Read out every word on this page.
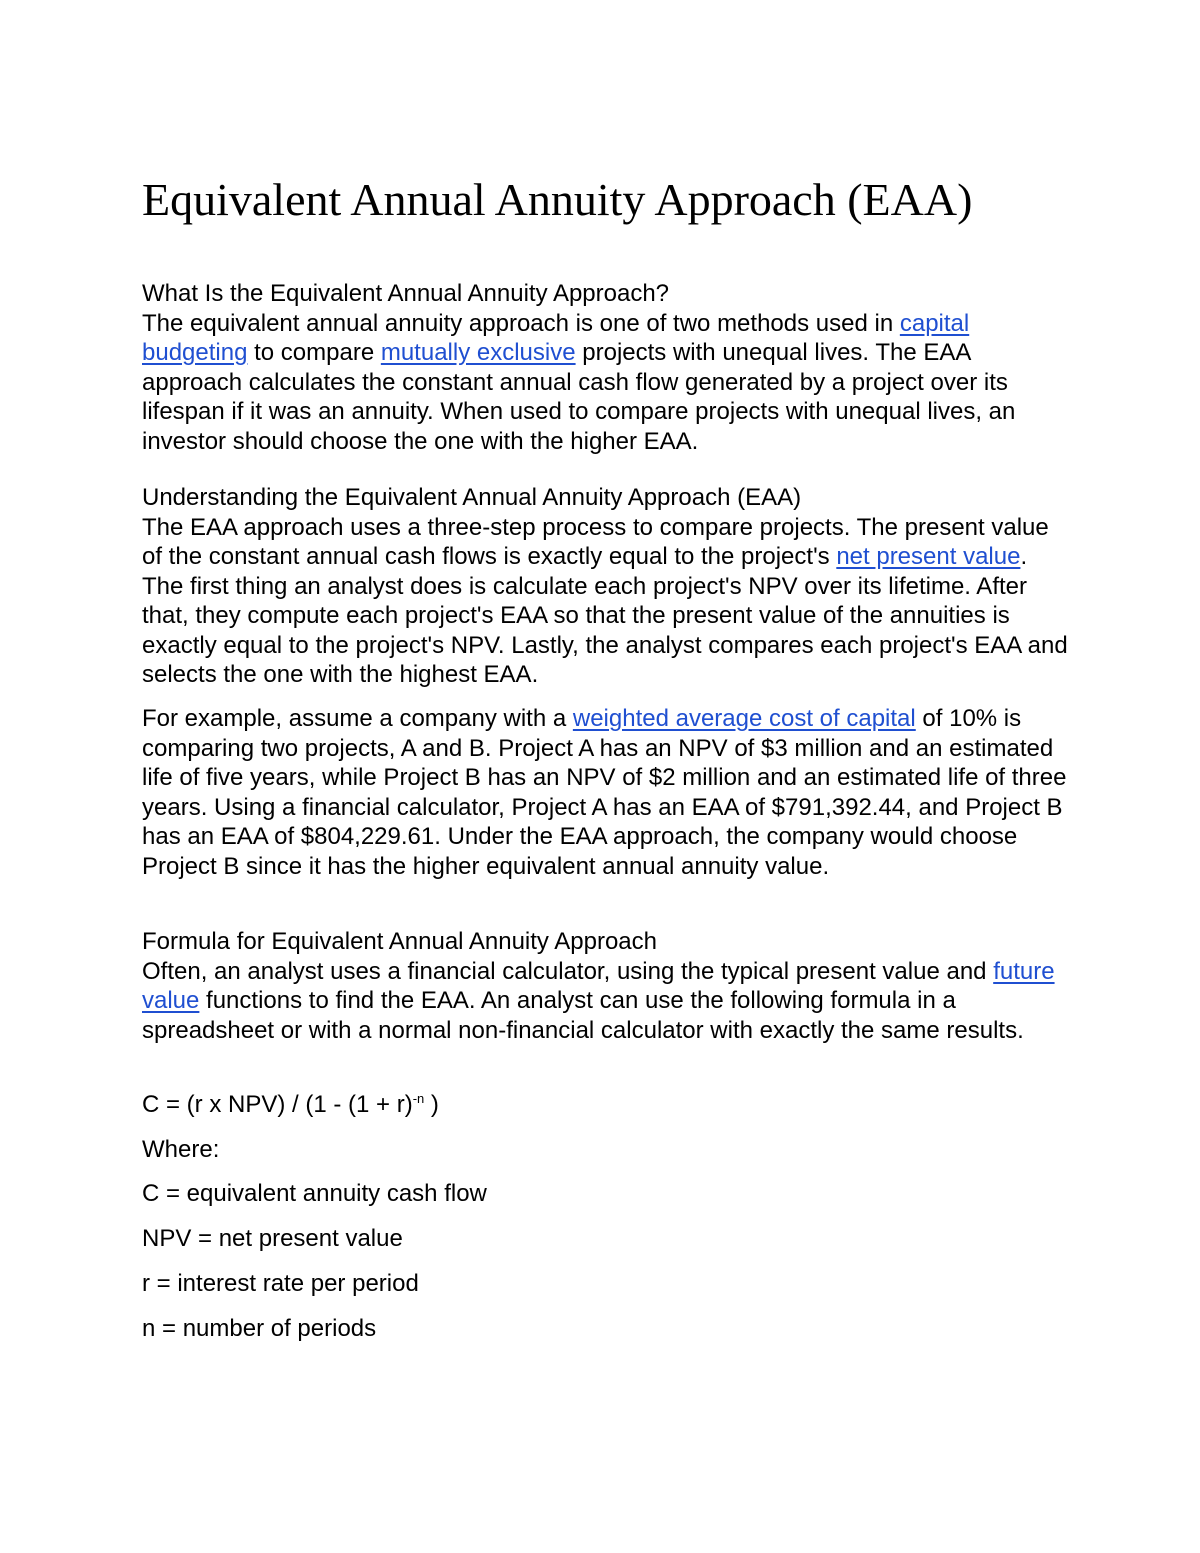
Equivalent Annual Annuity Approach (EAA)
What Is the Equivalent Annual Annuity Approach?

The equivalent annual annuity approach is one of two methods used in capital budgeting to compare mutually exclusive projects with unequal lives. The EAA approach calculates the constant annual cash flow generated by a project over its lifespan if it was an annuity. When used to compare projects with unequal lives, an investor should choose the one with the higher EAA.

Understanding the Equivalent Annual Annuity Approach (EAA)

The EAA approach uses a three-step process to compare projects. The present value of the constant annual cash flows is exactly equal to the project's net present value. The first thing an analyst does is calculate each project's NPV over its lifetime. After that, they compute each project's EAA so that the present value of the annuities is exactly equal to the project's NPV. Lastly, the analyst compares each project's EAA and selects the one with the highest EAA.

For example, assume a company with a weighted average cost of capital of 10% is comparing two projects, A and B. Project A has an NPV of $3 million and an estimated life of five years, while Project B has an NPV of $2 million and an estimated life of three years. Using a financial calculator, Project A has an EAA of $791,392.44, and Project B has an EAA of $804,229.61. Under the EAA approach, the company would choose Project B since it has the higher equivalent annual annuity value.

Formula for Equivalent Annual Annuity Approach

Often, an analyst uses a financial calculator, using the typical present value and future value functions to find the EAA. An analyst can use the following formula in a spreadsheet or with a normal non-financial calculator with exactly the same results.

C = (r x $NPV) / (1 - (1 + r)^{-n}$ )
Where:
C = equivalent annuity cash flow
NPV = net present value
r = interest rate per period
n = number of periods
